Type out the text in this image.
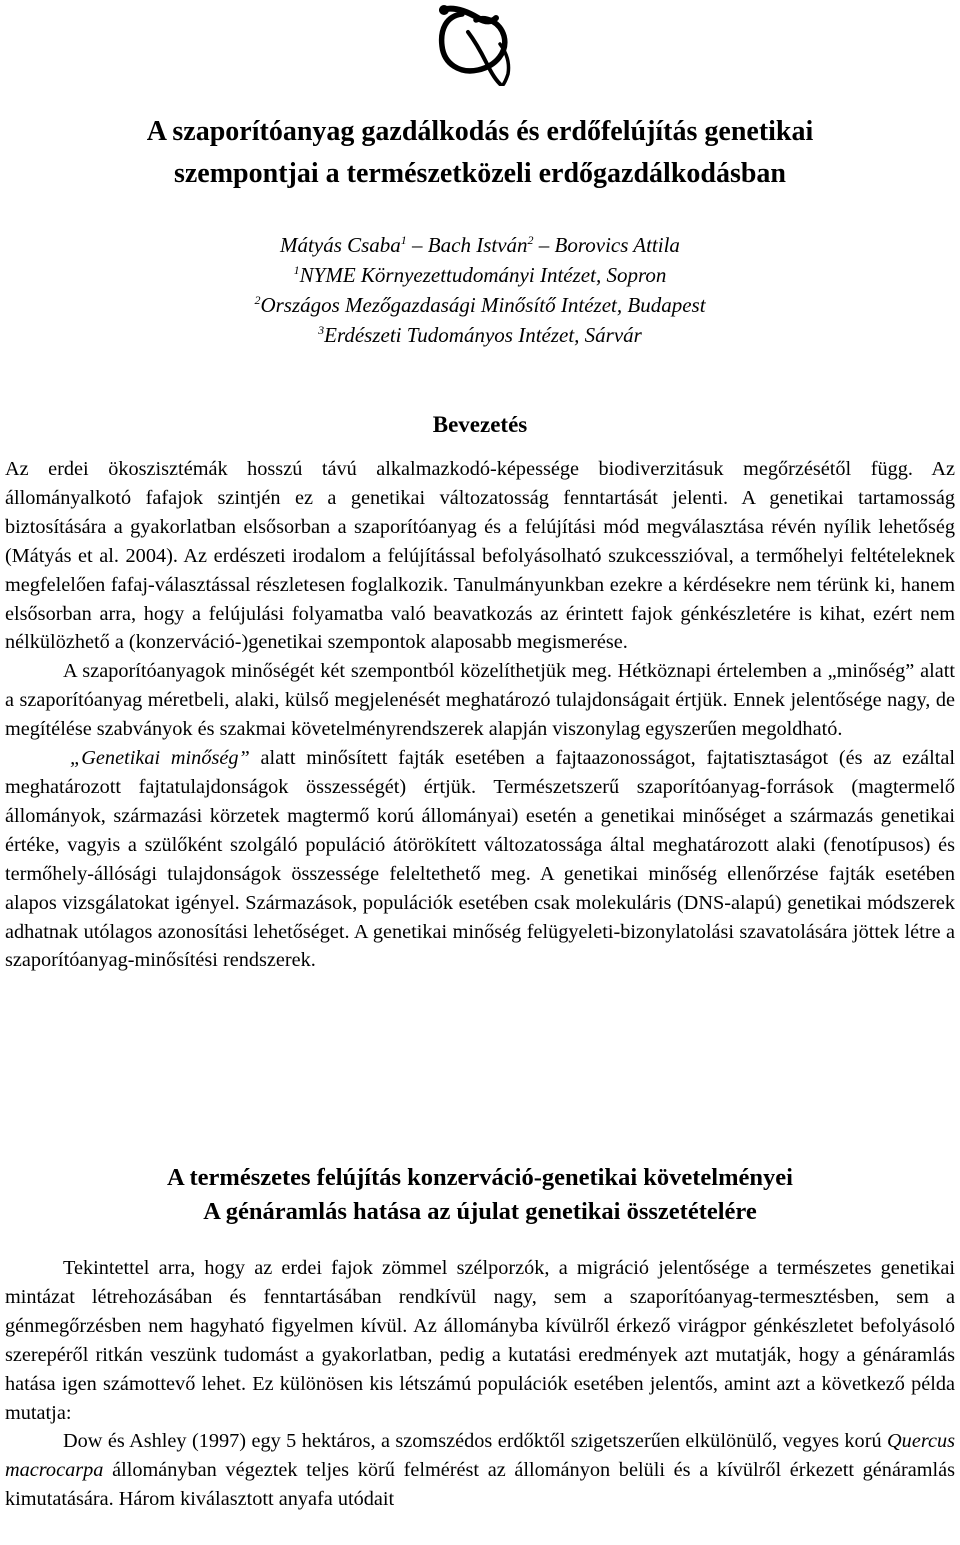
A szaporítóanyag gazdálkodás és erdőfelújítás genetikai
szempontjai a természetközeli erdőgazdálkodásban
Mátyás Csaba$^1$ – Bach István$^2$ – Borovics Attila
$^1$NYME Környezettudományi Intézet, Sopron
$^2$Országos Mezőgazdasági Minősítő Intézet, Budapest
$^3$Erdészeti Tudományos Intézet, Sárvár
Bevezetés

Az erdei ökoszisztémák hosszú távú alkalmazkodó-képessége biodiverzitásuk megőrzésétől függ. Az állományalkotó fafajok szintjén ez a genetikai változatosság fenntartását jelenti. A genetikai tartamosság biztosítására a gyakorlatban elsősorban a szaporítóanyag és a felújítási mód megválasztása révén nyílik lehetőség (Mátyás et al. 2004). Az erdészeti irodalom a felújítással befolyásolható szukcesszióval, a termőhelyi feltételeknek megfelelően fafaj-választással részletesen foglalkozik. Tanulmányunkban ezekre a kérdésekre nem térünk ki, hanem elsősorban arra, hogy a felújulási folyamatba való beavatkozás az érintett fajok génkészletére is kihat, ezért nem nélkülözhető a (konzerváció-)genetikai szempontok alaposabb megismerése.

A szaporítóanyagok minőségét két szempontból közelíthetjük meg. Hétköznapi értelemben a „minőség” alatt a szaporítóanyag méretbeli, alaki, külső megjelenését meghatározó tulajdonságait értjük. Ennek jelentősége nagy, de megítélése szabványok és szakmai követelményrendszerek alapján viszonylag egyszerűen megoldható.

„Genetikai minőség” alatt minősített fajták esetében a fajtaazonosságot, fajtatisztaságot (és az ezáltal meghatározott fajtatulajdonságok összességét) értjük. Természetszerű szaporítóanyag-források (magtermelő állományok, származási körzetek magtermő korú állományai) esetén a genetikai minőséget a származás genetikai értéke, vagyis a szülőként szolgáló populáció átörökített változatossága által meghatározott alaki (fenotípusos) és termőhely-állósági tulajdonságok összessége feleltethető meg. A genetikai minőség ellenőrzése fajták esetében alapos vizsgálatokat igényel. Származások, populációk esetében csak molekuláris (DNS-alapú) genetikai módszerek adhatnak utólagos azonosítási lehetőséget. A genetikai minőség felügyeleti-bizonylatolási szavatolására jöttek létre a szaporítóanyag-minősítési rendszerek.

A természetes felújítás konzerváció-genetikai követelményei
A génáramlás hatása az újulat genetikai összetételére

Tekintettel arra, hogy az erdei fajok zömmel szélporzók, a migráció jelentősége a természetes genetikai mintázat létrehozásában és fenntartásában rendkívül nagy, sem a szaporítóanyag-termesztésben, sem a génmegőrzésben nem hagyható figyelmen kívül. Az állományba kívülről érkező virágpor génkészletet befolyásoló szerepéről ritkán veszünk tudomást a gyakorlatban, pedig a kutatási eredmények azt mutatják, hogy a génáramlás hatása igen számottevő lehet. Ez különösen kis létszámú populációk esetében jelentős, amint azt a következő példa mutatja:

Dow és Ashley (1997) egy 5 hektáros, a szomszédos erdőktől szigetszerűen elkülönülő, vegyes korú Quercus macrocarpa állományban végeztek teljes körű felmérést az állományon belüli és a kívülről érkezett génáramlás kimutatására. Három kiválasztott anyafa utódait
